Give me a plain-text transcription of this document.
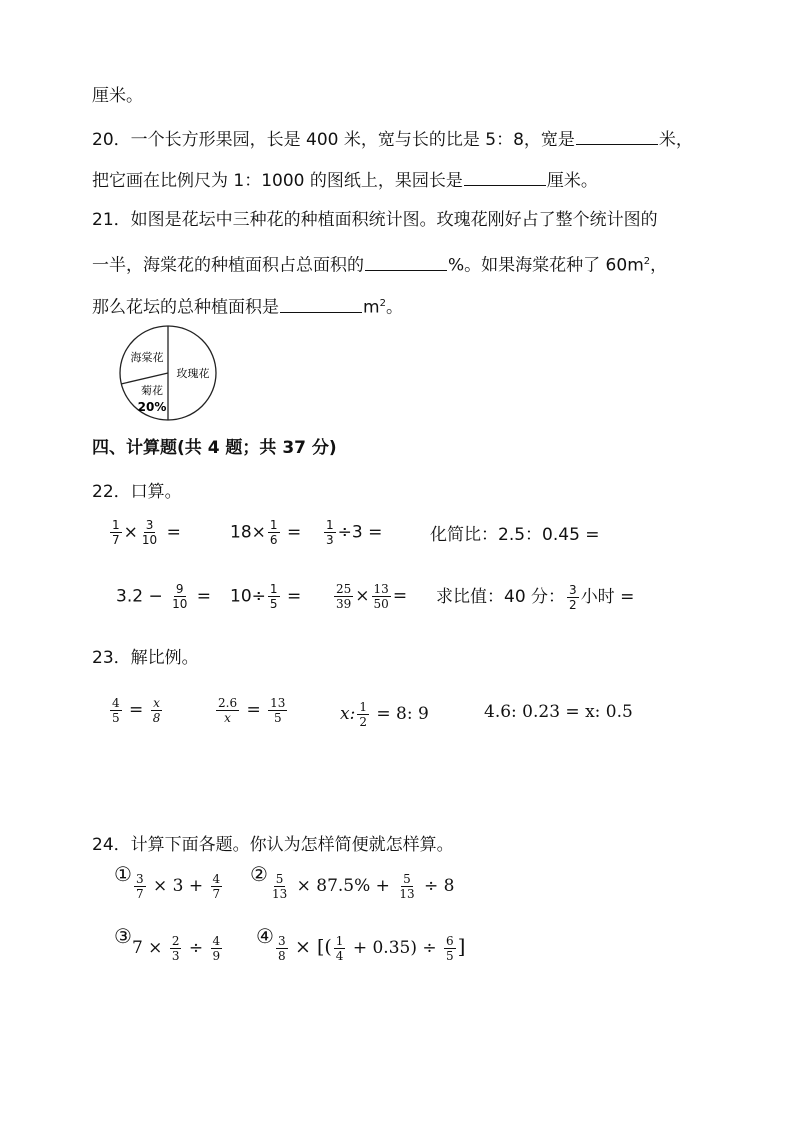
厘米。
20．一个长方形果园，长是 400 米，宽与长的比是 5：8，宽是	米，
把它画在比例尺为 1：1000 的图纸上，果园长是	厘米。
21．如图是花坛中三种花的种植面积统计图。玫瑰花刚好占了整个统计图的
一半，海棠花的种植面积占总面积的	%。如果海棠花种了 $60m^2$，
那么花坛的总种植面积是	$m^2$。
海棠花
玫瑰花
菊花
20%
四、计算题(共 4 题；共 37 分)
22．口算。
$\frac{1}{7} \times \frac{3}{10}$ =	$18\times \frac{1}{6} = \frac{1}{3} \div 3$ =	化简比：2.5：0.45 =
$3.2 - \frac{9}{10} = 10\div \frac{1}{5}$ =	$\frac{25}{39} \times \frac{13}{50}$ = 求比值：40 分： $\frac{3}{2}$ 小时 =
23．解比例。
$\frac{4}{5} = \frac{x}{8}$	$\frac{2.6}{x} = \frac{13}{5}$	x: $\frac{1}{2} = 8$: 9	4.6: 0.23 = x: 0.5
24．计算下面各题。你认为怎样简便就怎样算。
① $\frac{3}{7} \times 3 + \frac{4}{7}$ ② $\frac{5}{13} \times 87.5\% + \frac{5}{13} \div 8$
③7 × $\frac{2}{3} \div \frac{4}{9}$ ④ $\frac{3}{8}$ × [( $\frac{1}{4} + 0.35) \div \frac{6}{5}$ ]
